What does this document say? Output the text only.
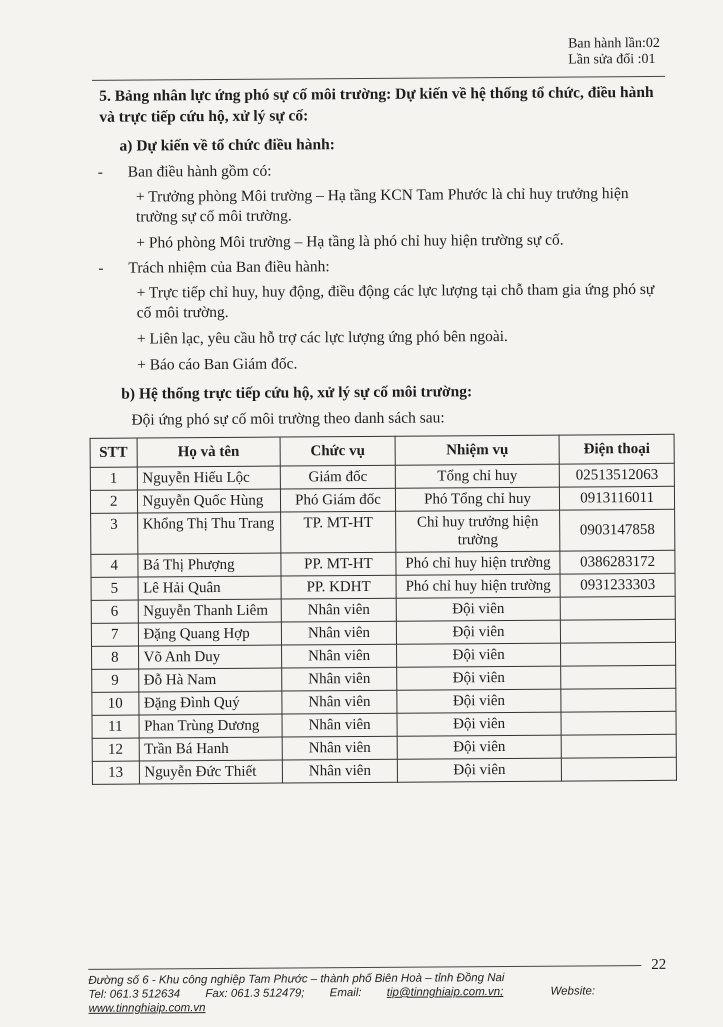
Ban hành lần:02
Lần sửa đổi :01
5. Bảng nhân lực ứng phó sự cố môi trường: Dự kiến về hệ thống tổ chức, điều hành và trực tiếp cứu hộ, xử lý sự cố:
a) Dự kiến về tổ chức điều hành:
-	Ban điều hành gồm có:
+ Trưởng phòng Môi trường – Hạ tầng KCN Tam Phước là chỉ huy trưởng hiện trường sự cố môi trường.
+ Phó phòng Môi trường – Hạ tầng là phó chỉ huy hiện trường sự cố.
-	Trách nhiệm của Ban điều hành:
+ Trực tiếp chỉ huy, huy động, điều động các lực lượng tại chỗ tham gia ứng phó sự cố môi trường.
+ Liên lạc, yêu cầu hỗ trợ các lực lượng ứng phó bên ngoài.
+ Báo cáo Ban Giám đốc.
b) Hệ thống trực tiếp cứu hộ, xử lý sự cố môi trường:
Đội ứng phó sự cố môi trường theo danh sách sau:
STT	Họ và tên	Chức vụ	Nhiệm vụ	Điện thoại
1	Nguyễn Hiếu Lộc	Giám đốc	Tổng chỉ huy	02513512063
2	Nguyễn Quốc Hùng	Phó Giám đốc	Phó Tổng chỉ huy	0913116011
3	Khổng Thị Thu Trang	TP. MT-HT	Chỉ huy trưởng hiện trường	0903147858
4	Bá Thị Phượng	PP. MT-HT	Phó chỉ huy hiện trường	0386283172
5	Lê Hải Quân	PP. KDHT	Phó chỉ huy hiện trường	0931233303
6	Nguyễn Thanh Liêm	Nhân viên	Đội viên	
7	Đặng Quang Hợp	Nhân viên	Đội viên	
8	Võ Anh Duy	Nhân viên	Đội viên	
9	Đỗ Hà Nam	Nhân viên	Đội viên	
10	Đặng Đình Quý	Nhân viên	Đội viên	
11	Phan Trùng Dương	Nhân viên	Đội viên	
12	Trần Bá Hanh	Nhân viên	Đội viên	
13	Nguyễn Đức Thiết	Nhân viên	Đội viên	
22
Đường số 6 - Khu công nghiệp Tam Phước – thành phố Biên Hoà – tỉnh Đồng Nai
Tel: 061.3 512634 Fax: 061.3 512479; Email: tip@tinnghiaip.com.vn;	Website: www.tinnghiaip.com.vn
